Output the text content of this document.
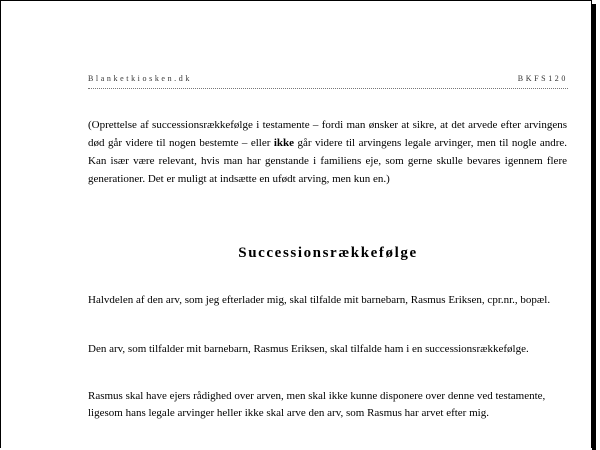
Blanketkiosken.dk	BKFS120

(Oprettelse af successionsrækkefølge i testamente – fordi man ønsker at sikre, at det arvede efter arvingens død går videre til nogen bestemte – eller ikke går videre til arvingens legale arvinger, men til nogle andre. Kan især være relevant, hvis man har genstande i familiens eje, som gerne skulle bevares igennem flere generationer. Det er muligt at indsætte en ufødt arving, men kun en.)

Successionsrækkefølge

Halvdelen af den arv, som jeg efterlader mig, skal tilfalde mit barnebarn, Rasmus Eriksen, cpr.nr., bopæl.

Den arv, som tilfalder mit barnebarn, Rasmus Eriksen, skal tilfalde ham i en successionsrækkefølge.

Rasmus skal have ejers rådighed over arven, men skal ikke kunne disponere over denne ved testamente, ligesom hans legale arvinger heller ikke skal arve den arv, som Rasmus har arvet efter mig.
